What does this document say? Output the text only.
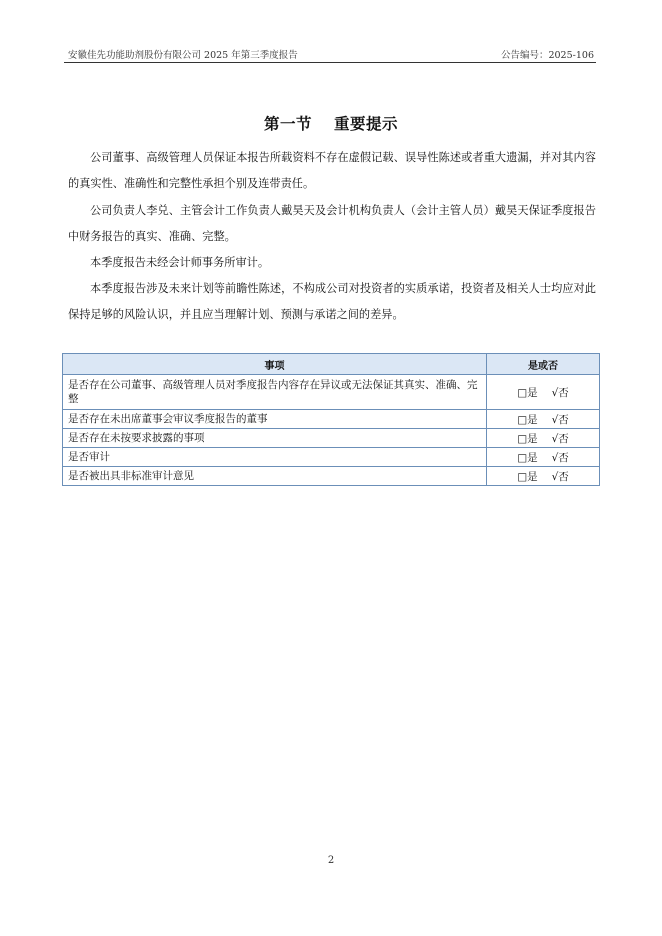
安徽佳先功能助剂股份有限公司 2025 年第三季度报告	公告编号：2025-106
第一节 重要提示

公司董事、高级管理人员保证本报告所载资料不存在虚假记载、误导性陈述或者重大遗漏，并对其内容的真实性、准确性和完整性承担个别及连带责任。

公司负责人李兑、主管会计工作负责人戴昊天及会计机构负责人（会计主管人员）戴昊天保证季度报告中财务报告的真实、准确、完整。

本季度报告未经会计师事务所审计。

本季度报告涉及未来计划等前瞻性陈述，不构成公司对投资者的实质承诺，投资者及相关人士均应对此保持足够的风险认识，并且应当理解计划、预测与承诺之间的差异。

事项	是或否
是否存在公司董事、高级管理人员对季度报告内容存在异议或无法保证其真实、准确、完整	□是 √否
是否存在未出席董事会审议季度报告的董事	□是 √否
是否存在未按要求披露的事项	□是 √否
是否审计	□是 √否
是否被出具非标准审计意见	□是 √否
2
